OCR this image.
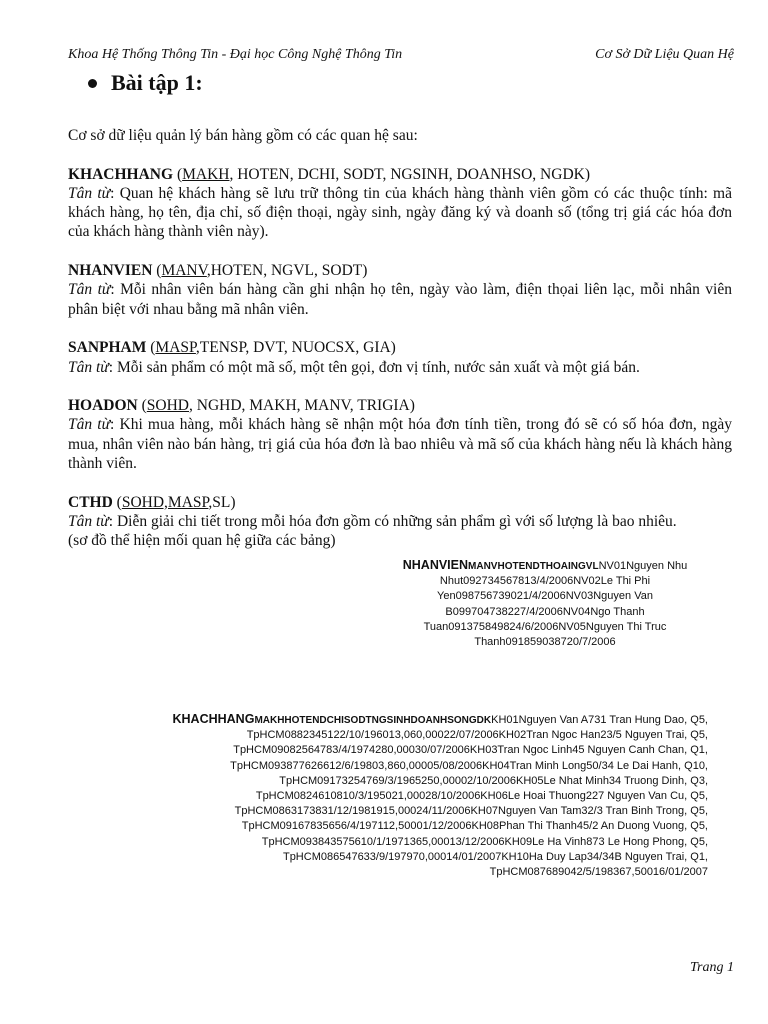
Khoa Hệ Thống Thông Tin - Đại học Công Nghệ Thông Tin	Cơ Sở Dữ Liệu Quan Hệ
Bài tập 1:

Cơ sở dữ liệu quản lý bán hàng gồm có các quan hệ sau:

KHACHHANG (MAKH, HOTEN, DCHI, SODT, NGSINH, DOANHSO, NGDK)

Tân từ: Quan hệ khách hàng sẽ lưu trữ thông tin của khách hàng thành viên gồm có các thuộc tính: mã khách hàng, họ tên, địa chỉ, số điện thoại, ngày sinh, ngày đăng ký và doanh số (tổng trị giá các hóa đơn của khách hàng thành viên này).

NHANVIEN (MANV,HOTEN, NGVL, SODT)

Tân từ: Mỗi nhân viên bán hàng cần ghi nhận họ tên, ngày vào làm, điện thọai liên lạc, mỗi nhân viên phân biệt với nhau bằng mã nhân viên.

SANPHAM (MASP,TENSP, DVT, NUOCSX, GIA)

Tân từ: Mỗi sản phẩm có một mã số, một tên gọi, đơn vị tính, nước sản xuất và một giá bán.

HOADON (SOHD, NGHD, MAKH, MANV, TRIGIA)

Tân từ: Khi mua hàng, mỗi khách hàng sẽ nhận một hóa đơn tính tiền, trong đó sẽ có số hóa đơn, ngày mua, nhân viên nào bán hàng, trị giá của hóa đơn là bao nhiêu và mã số của khách hàng nếu là khách hàng thành viên.

CTHD (SOHD,MASP,SL)

Tân từ: Diễn giải chi tiết trong mỗi hóa đơn gồm có những sản phẩm gì với số lượng là bao nhiêu.

(sơ đồ thể hiện mối quan hệ giữa các bảng)

NHANVIENMANVHOTENDTHOAINGVLNV01Nguyen Nhu
Nhut092734567813/4/2006NV02Le Thi Phi
Yen098756739021/4/2006NV03Nguyen Van
B099704738227/4/2006NV04Ngo Thanh
Tuan091375849824/6/2006NV05Nguyen Thi Truc
Thanh091859038720/7/2006
KHACHHANGMAKHHOTENDCHISODTNGSINHDOANHSONGDKKH01Nguyen Van A731 Tran Hung Dao, Q5,
TpHCM0882345122/10/196013,060,00022/07/2006KH02Tran Ngoc Han23/5 Nguyen Trai, Q5,
TpHCM09082564783/4/1974280,00030/07/2006KH03Tran Ngoc Linh45 Nguyen Canh Chan, Q1,
TpHCM093877626612/6/19803,860,00005/08/2006KH04Tran Minh Long50/34 Le Dai Hanh, Q10,
TpHCM09173254769/3/1965250,00002/10/2006KH05Le Nhat Minh34 Truong Dinh, Q3,
TpHCM0824610810/3/195021,00028/10/2006KH06Le Hoai Thuong227 Nguyen Van Cu, Q5,
TpHCM0863173831/12/1981915,00024/11/2006KH07Nguyen Van Tam32/3 Tran Binh Trong, Q5,
TpHCM09167835656/4/197112,50001/12/2006KH08Phan Thi Thanh45/2 An Duong Vuong, Q5,
TpHCM093843575610/1/1971365,00013/12/2006KH09Le Ha Vinh873 Le Hong Phong, Q5,
TpHCM086547633/9/197970,00014/01/2007KH10Ha Duy Lap34/34B Nguyen Trai, Q1,
TpHCM087689042/5/198367,50016/01/2007
Trang 1
